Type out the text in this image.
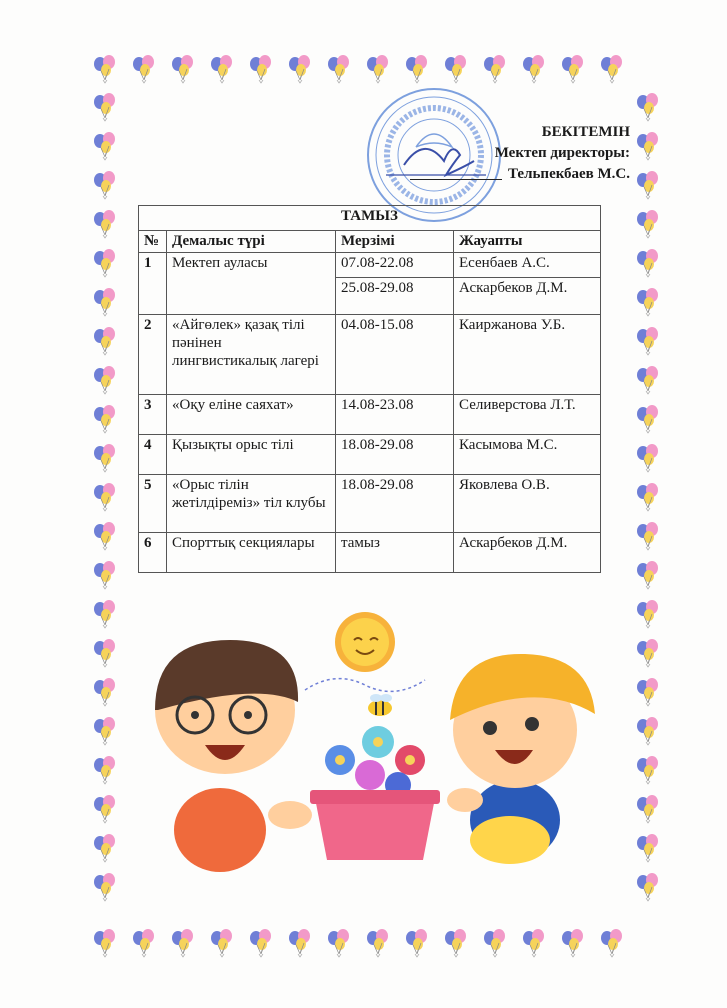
БЕКІТЕМІН
Мектеп директоры:
Тельпекбаев М.С.
ТАМЫЗ			
№	Демалыс түрі	Мерзімі	Жауапты
1	Мектеп ауласы	07.08-22.08	Есенбаев А.С.
		25.08-29.08	Аскарбеков Д.М.
2	«Айгөлек» қазақ тілі пәнінен лингвистикалық лагері	04.08-15.08	Каиржанова У.Б.
3	«Оқу еліне саяхат»	14.08-23.08	Селиверстова Л.Т.
4	Қызықты орыс тілі	18.08-29.08	Касымова М.С.
5	«Орыс тілін жетілдіреміз» тіл клубы	18.08-29.08	Яковлева О.В.
6	Спорттық секциялары	тамыз	Аскарбеков Д.М.
